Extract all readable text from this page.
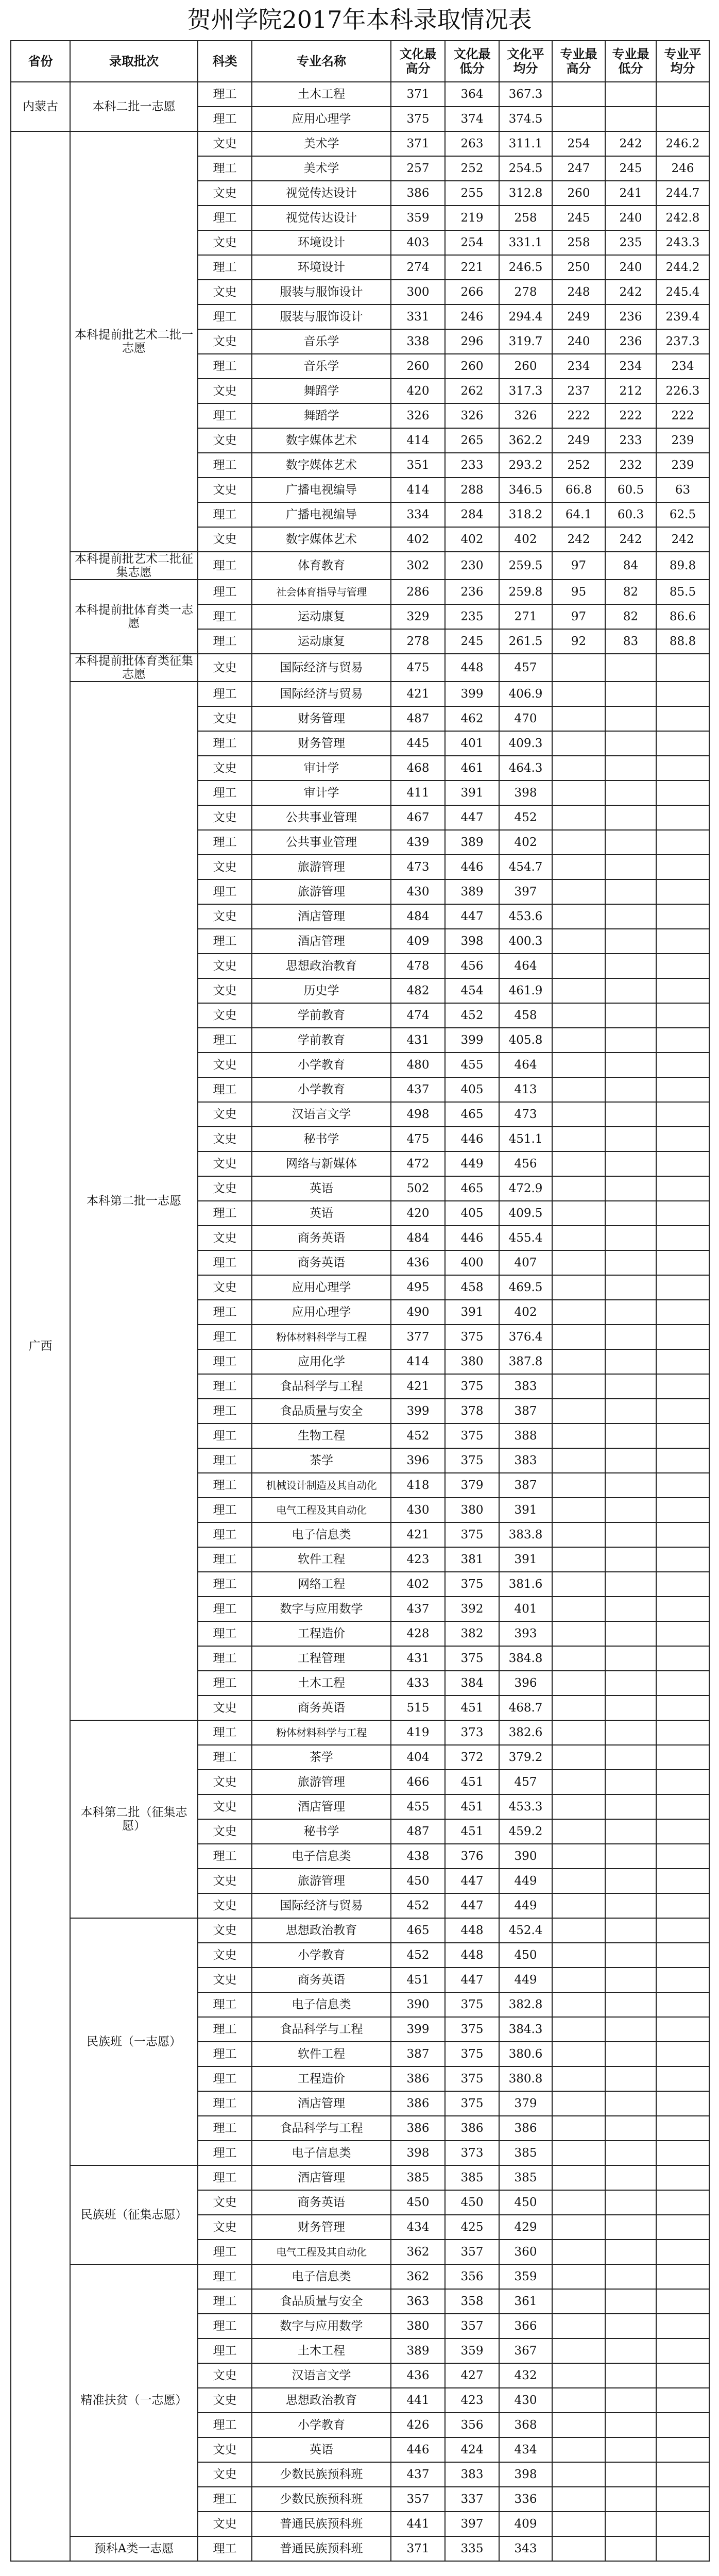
贺州学院2017年本科录取情况表
省份	录取批次	科类	专业名称	文化最高分	文化最低分	文化平均分	专业最高分	专业最低分	专业平均分
内蒙古	本科二批一志愿	理工	土木工程	371	364	367.3			
		理工	应用心理学	375	374	374.5			
广西	本科提前批艺术二批一志愿	文史	美术学	371	263	311.1	254	242	246.2
		理工	美术学	257	252	254.5	247	245	246
		文史	视觉传达设计	386	255	312.8	260	241	244.7
		理工	视觉传达设计	359	219	258	245	240	242.8
		文史	环境设计	403	254	331.1	258	235	243.3
		理工	环境设计	274	221	246.5	250	240	244.2
		文史	服装与服饰设计	300	266	278	248	242	245.4
		理工	服装与服饰设计	331	246	294.4	249	236	239.4
		文史	音乐学	338	296	319.7	240	236	237.3
		理工	音乐学	260	260	260	234	234	234
		文史	舞蹈学	420	262	317.3	237	212	226.3
		理工	舞蹈学	326	326	326	222	222	222
		文史	数字媒体艺术	414	265	362.2	249	233	239
		理工	数字媒体艺术	351	233	293.2	252	232	239
		文史	广播电视编导	414	288	346.5	66.8	60.5	63
		理工	广播电视编导	334	284	318.2	64.1	60.3	62.5
		文史	数字媒体艺术	402	402	402	242	242	242
	本科提前批艺术二批征集志愿	理工	体育教育	302	230	259.5	97	84	89.8
	本科提前批体育类一志愿	理工	社会体育指导与管理	286	236	259.8	95	82	85.5
		理工	运动康复	329	235	271	97	82	86.6
		理工	运动康复	278	245	261.5	92	83	88.8
	本科提前批体育类征集志愿	文史	国际经济与贸易	475	448	457			
	本科第二批一志愿	理工	国际经济与贸易	421	399	406.9			
		文史	财务管理	487	462	470			
		理工	财务管理	445	401	409.3			
		文史	审计学	468	461	464.3			
		理工	审计学	411	391	398			
		文史	公共事业管理	467	447	452			
		理工	公共事业管理	439	389	402			
		文史	旅游管理	473	446	454.7			
		理工	旅游管理	430	389	397			
		文史	酒店管理	484	447	453.6			
		理工	酒店管理	409	398	400.3			
		文史	思想政治教育	478	456	464			
		文史	历史学	482	454	461.9			
		文史	学前教育	474	452	458			
		理工	学前教育	431	399	405.8			
		文史	小学教育	480	455	464			
		理工	小学教育	437	405	413			
		文史	汉语言文学	498	465	473			
		文史	秘书学	475	446	451.1			
		文史	网络与新媒体	472	449	456			
		文史	英语	502	465	472.9			
		理工	英语	420	405	409.5			
		文史	商务英语	484	446	455.4			
		理工	商务英语	436	400	407			
		文史	应用心理学	495	458	469.5			
		理工	应用心理学	490	391	402			
		理工	粉体材料科学与工程	377	375	376.4			
		理工	应用化学	414	380	387.8			
		理工	食品科学与工程	421	375	383			
		理工	食品质量与安全	399	378	387			
		理工	生物工程	452	375	388			
		理工	茶学	396	375	383			
		理工	机械设计制造及其自动化	418	379	387			
		理工	电气工程及其自动化	430	380	391			
		理工	电子信息类	421	375	383.8			
		理工	软件工程	423	381	391			
		理工	网络工程	402	375	381.6			
		理工	数字与应用数学	437	392	401			
		理工	工程造价	428	382	393			
		理工	工程管理	431	375	384.8			
		理工	土木工程	433	384	396			
		文史	商务英语	515	451	468.7			
	本科第二批（征集志愿）	理工	粉体材料科学与工程	419	373	382.6			
		理工	茶学	404	372	379.2			
		文史	旅游管理	466	451	457			
		文史	酒店管理	455	451	453.3			
		文史	秘书学	487	451	459.2			
		理工	电子信息类	438	376	390			
		文史	旅游管理	450	447	449			
		文史	国际经济与贸易	452	447	449			
	民族班（一志愿）	文史	思想政治教育	465	448	452.4			
		文史	小学教育	452	448	450			
		文史	商务英语	451	447	449			
		理工	电子信息类	390	375	382.8			
		理工	食品科学与工程	399	375	384.3			
		理工	软件工程	387	375	380.6			
		理工	工程造价	386	375	380.8			
		理工	酒店管理	386	375	379			
		理工	食品科学与工程	386	386	386			
		理工	电子信息类	398	373	385			
	民族班（征集志愿）	理工	酒店管理	385	385	385			
		文史	商务英语	450	450	450			
		文史	财务管理	434	425	429			
		理工	电气工程及其自动化	362	357	360			
	精准扶贫（一志愿）	理工	电子信息类	362	356	359			
		理工	食品质量与安全	363	358	361			
		理工	数字与应用数学	380	357	366			
		理工	土木工程	389	359	367			
		文史	汉语言文学	436	427	432			
		文史	思想政治教育	441	423	430			
		理工	小学教育	426	356	368			
		文史	英语	446	424	434			
		文史	少数民族预科班	437	383	398			
		理工	少数民族预科班	357	337	336			
		文史	普通民族预科班	441	397	409			
	预科A类一志愿	理工	普通民族预科班	371	335	343			
